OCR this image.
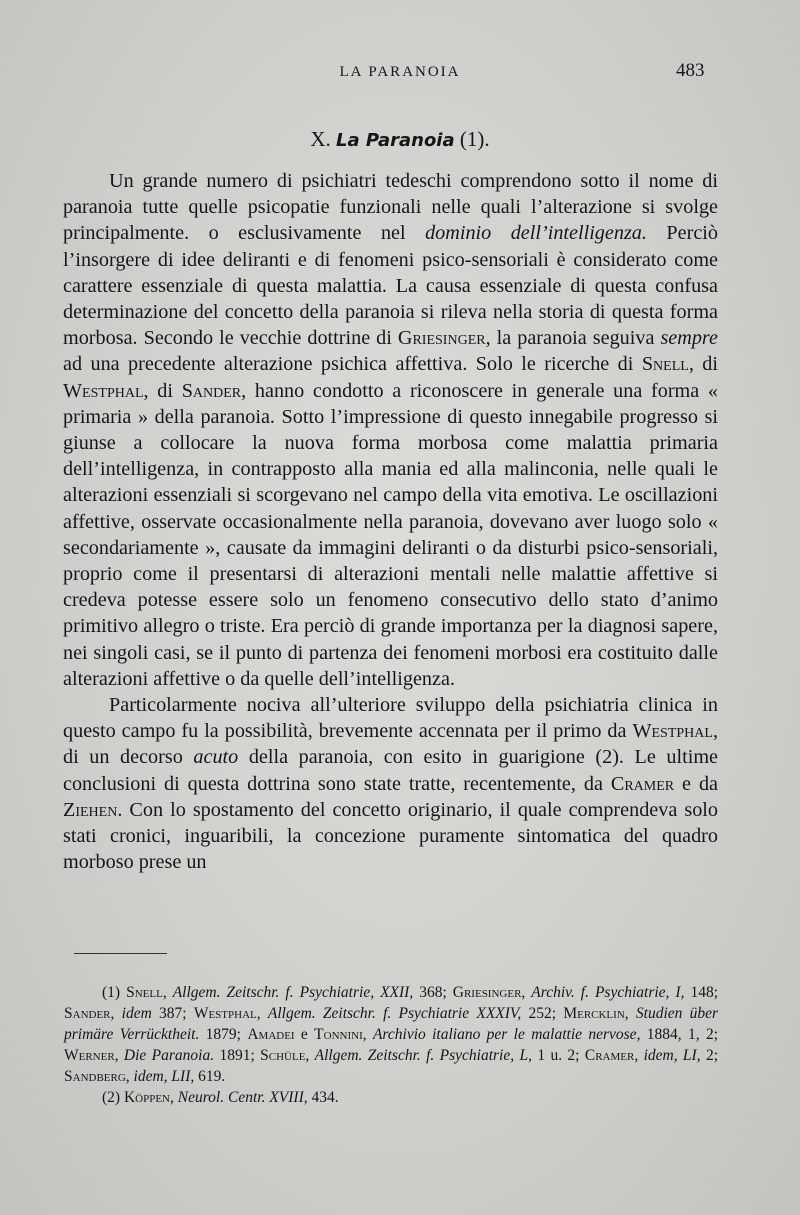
LA PARANOIA	483
X. La Paranoia (1).

Un grande numero di psichiatri tedeschi comprendono sotto il nome di paranoia tutte quelle psicopatie funzionali nelle quali l’alterazione si svolge principalmente. o esclusivamente nel dominio dell’intelligenza. Perciò l’insorgere di idee deliranti e di fenomeni psico-sensoriali è considerato come carattere essenziale di questa malattia. La causa essenziale di questa confusa determinazione del concetto della paranoia si rileva nella storia di questa forma morbosa. Secondo le vecchie dottrine di Griesinger, la paranoia seguiva sempre ad una precedente alterazione psichica affettiva. Solo le ricerche di Snell, di Westphal, di Sander, hanno condotto a riconoscere in generale una forma « primaria » della paranoia. Sotto l’impressione di questo innegabile progresso si giunse a collocare la nuova forma morbosa come malattia primaria dell’intelligenza, in contrapposto alla mania ed alla malinconia, nelle quali le alterazioni essenziali si scorgevano nel campo della vita emotiva. Le oscillazioni affettive, osservate occasionalmente nella paranoia, dovevano aver luogo solo « secondariamente », causate da immagini deliranti o da disturbi psico-sensoriali, proprio come il presentarsi di alterazioni mentali nelle malattie affettive si credeva potesse essere solo un fenomeno consecutivo dello stato d’animo primitivo allegro o triste. Era perciò di grande importanza per la diagnosi sapere, nei singoli casi, se il punto di partenza dei fenomeni morbosi era costituito dalle alterazioni affettive o da quelle dell’intelligenza.

Particolarmente nociva all’ulteriore sviluppo della psichiatria clinica in questo campo fu la possibilità, brevemente accennata per il primo da Westphal, di un decorso acuto della paranoia, con esito in guarigione (2). Le ultime conclusioni di questa dottrina sono state tratte, recentemente, da Cramer e da Ziehen. Con lo spostamento del concetto originario, il quale comprendeva solo stati cronici, inguaribili, la concezione puramente sintomatica del quadro morboso prese un

(1) Snell, Allgem. Zeitschr. f. Psychiatrie, XXII, 368; Griesinger, Archiv. f. Psychiatrie, I, 148; Sander, idem 387; Westphal, Allgem. Zeitschr. f. Psychiatrie XXXIV, 252; Mercklin, Studien über primäre Verrücktheit. 1879; Amadei e Tonnini, Archivio italiano per le malattie nervose, 1884, 1, 2; Werner, Die Paranoia. 1891; Schüle, Allgem. Zeitschr. f. Psychiatrie, L, 1 u. 2; Cramer, idem, LI, 2; Sandberg, idem, LII, 619.

(2) Köppen, Neurol. Centr. XVIII, 434.
